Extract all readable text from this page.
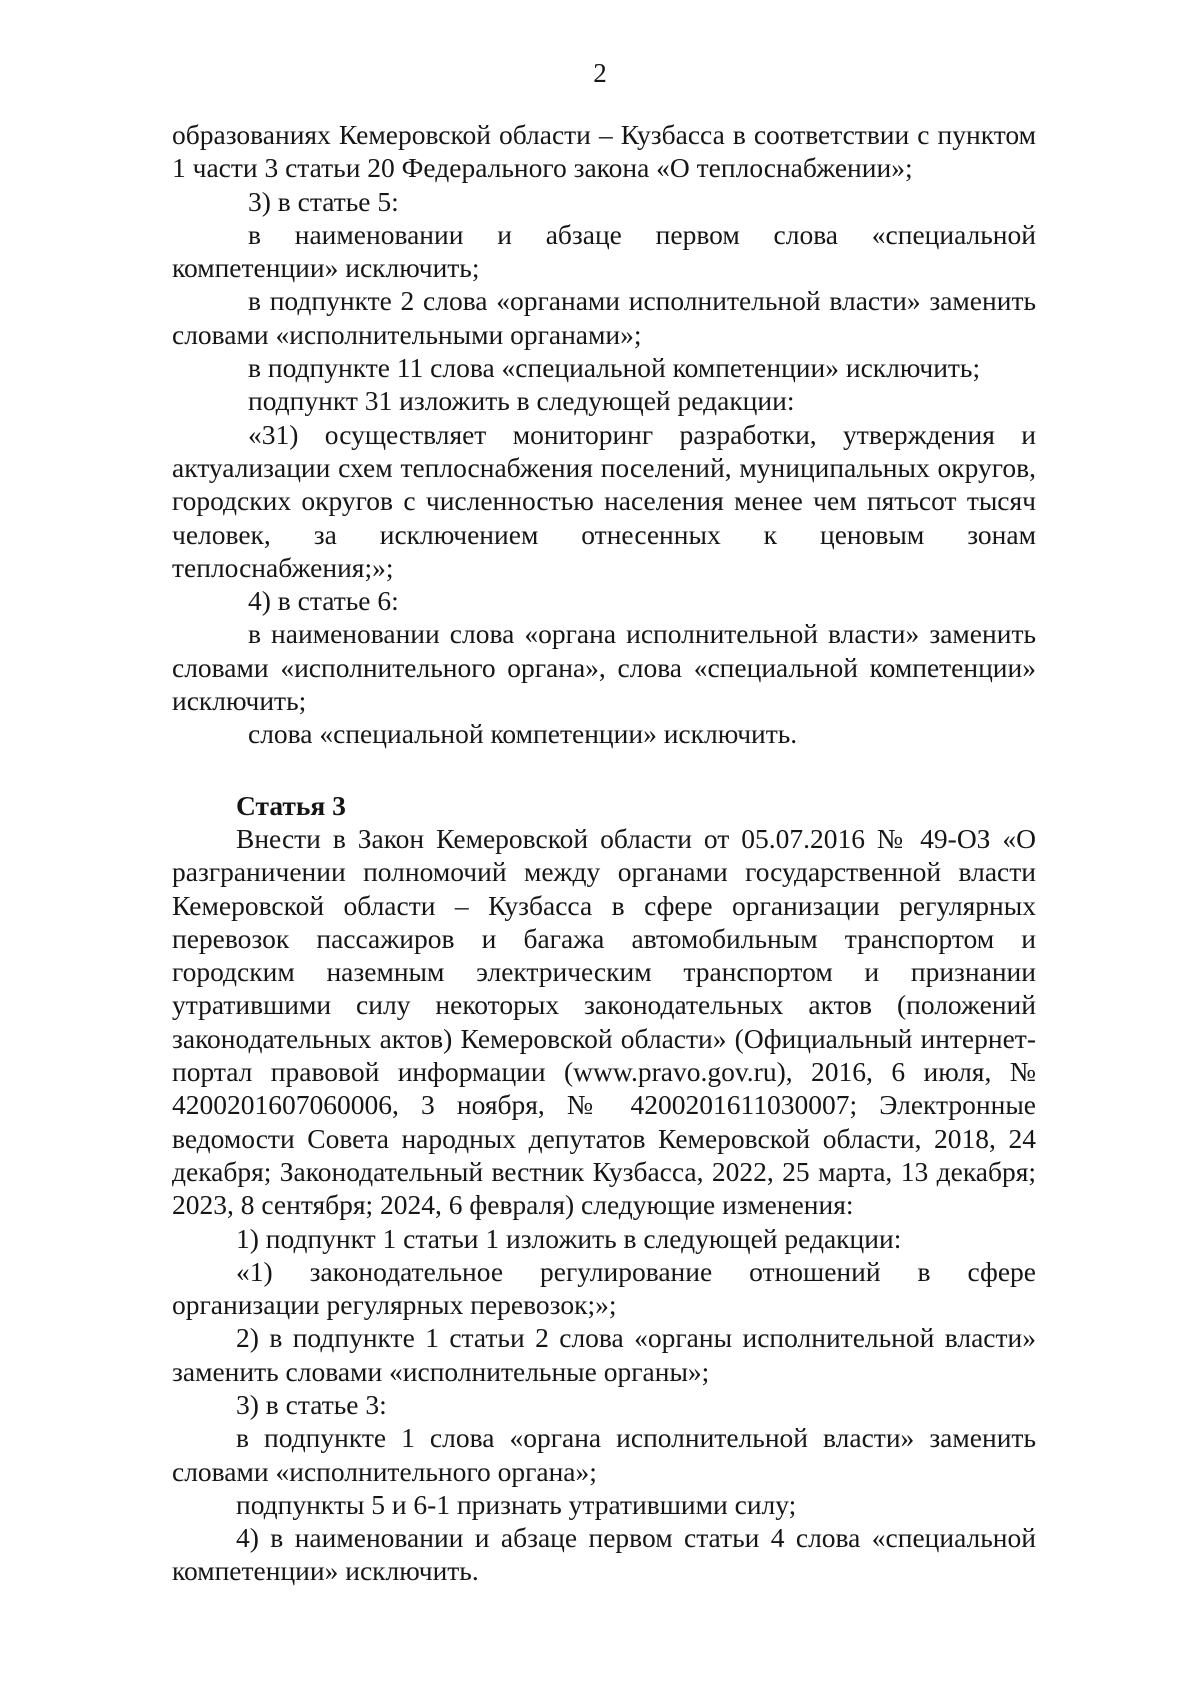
2

образованиях Кемеровской области – Кузбасса в соответствии с пунктом 1 части 3 статьи 20 Федерального закона «О теплоснабжении»;

3) в статье 5:

в наименовании и абзаце первом слова «специальной компетенции» исключить;

в подпункте 2 слова «органами исполнительной власти» заменить словами «исполнительными органами»;

в подпункте 11 слова «специальной компетенции» исключить;

подпункт 31 изложить в следующей редакции:

«31) осуществляет мониторинг разработки, утверждения и актуализации схем теплоснабжения поселений, муниципальных округов, городских округов с численностью населения менее чем пятьсот тысяч человек, за исключением отнесенных к ценовым зонам теплоснабжения;»;

4) в статье 6:

в наименовании слова «органа исполнительной власти» заменить словами «исполнительного органа», слова «специальной компетенции» исключить;

слова «специальной компетенции» исключить.

Статья 3

Внести в Закон Кемеровской области от 05.07.2016 № 49-ОЗ «О разграничении полномочий между органами государственной власти Кемеровской области – Кузбасса в сфере организации регулярных перевозок пассажиров и багажа автомобильным транспортом и городским наземным электрическим транспортом и признании утратившими силу некоторых законодательных актов (положений законодательных актов) Кемеровской области» (Официальный интернет-портал правовой информации (www.pravo.gov.ru), 2016, 6 июля, № 4200201607060006, 3 ноября, № 4200201611030007; Электронные ведомости Совета народных депутатов Кемеровской области, 2018, 24 декабря; Законодательный вестник Кузбасса, 2022, 25 марта, 13 декабря; 2023, 8 сентября; 2024, 6 февраля) следующие изменения:

1) подпункт 1 статьи 1 изложить в следующей редакции:

«1) законодательное регулирование отношений в сфере организации регулярных перевозок;»;

2) в подпункте 1 статьи 2 слова «органы исполнительной власти» заменить словами «исполнительные органы»;

3) в статье 3:

в подпункте 1 слова «органа исполнительной власти» заменить словами «исполнительного органа»;

подпункты 5 и 6-1 признать утратившими силу;

4) в наименовании и абзаце первом статьи 4 слова «специальной компетенции» исключить.
